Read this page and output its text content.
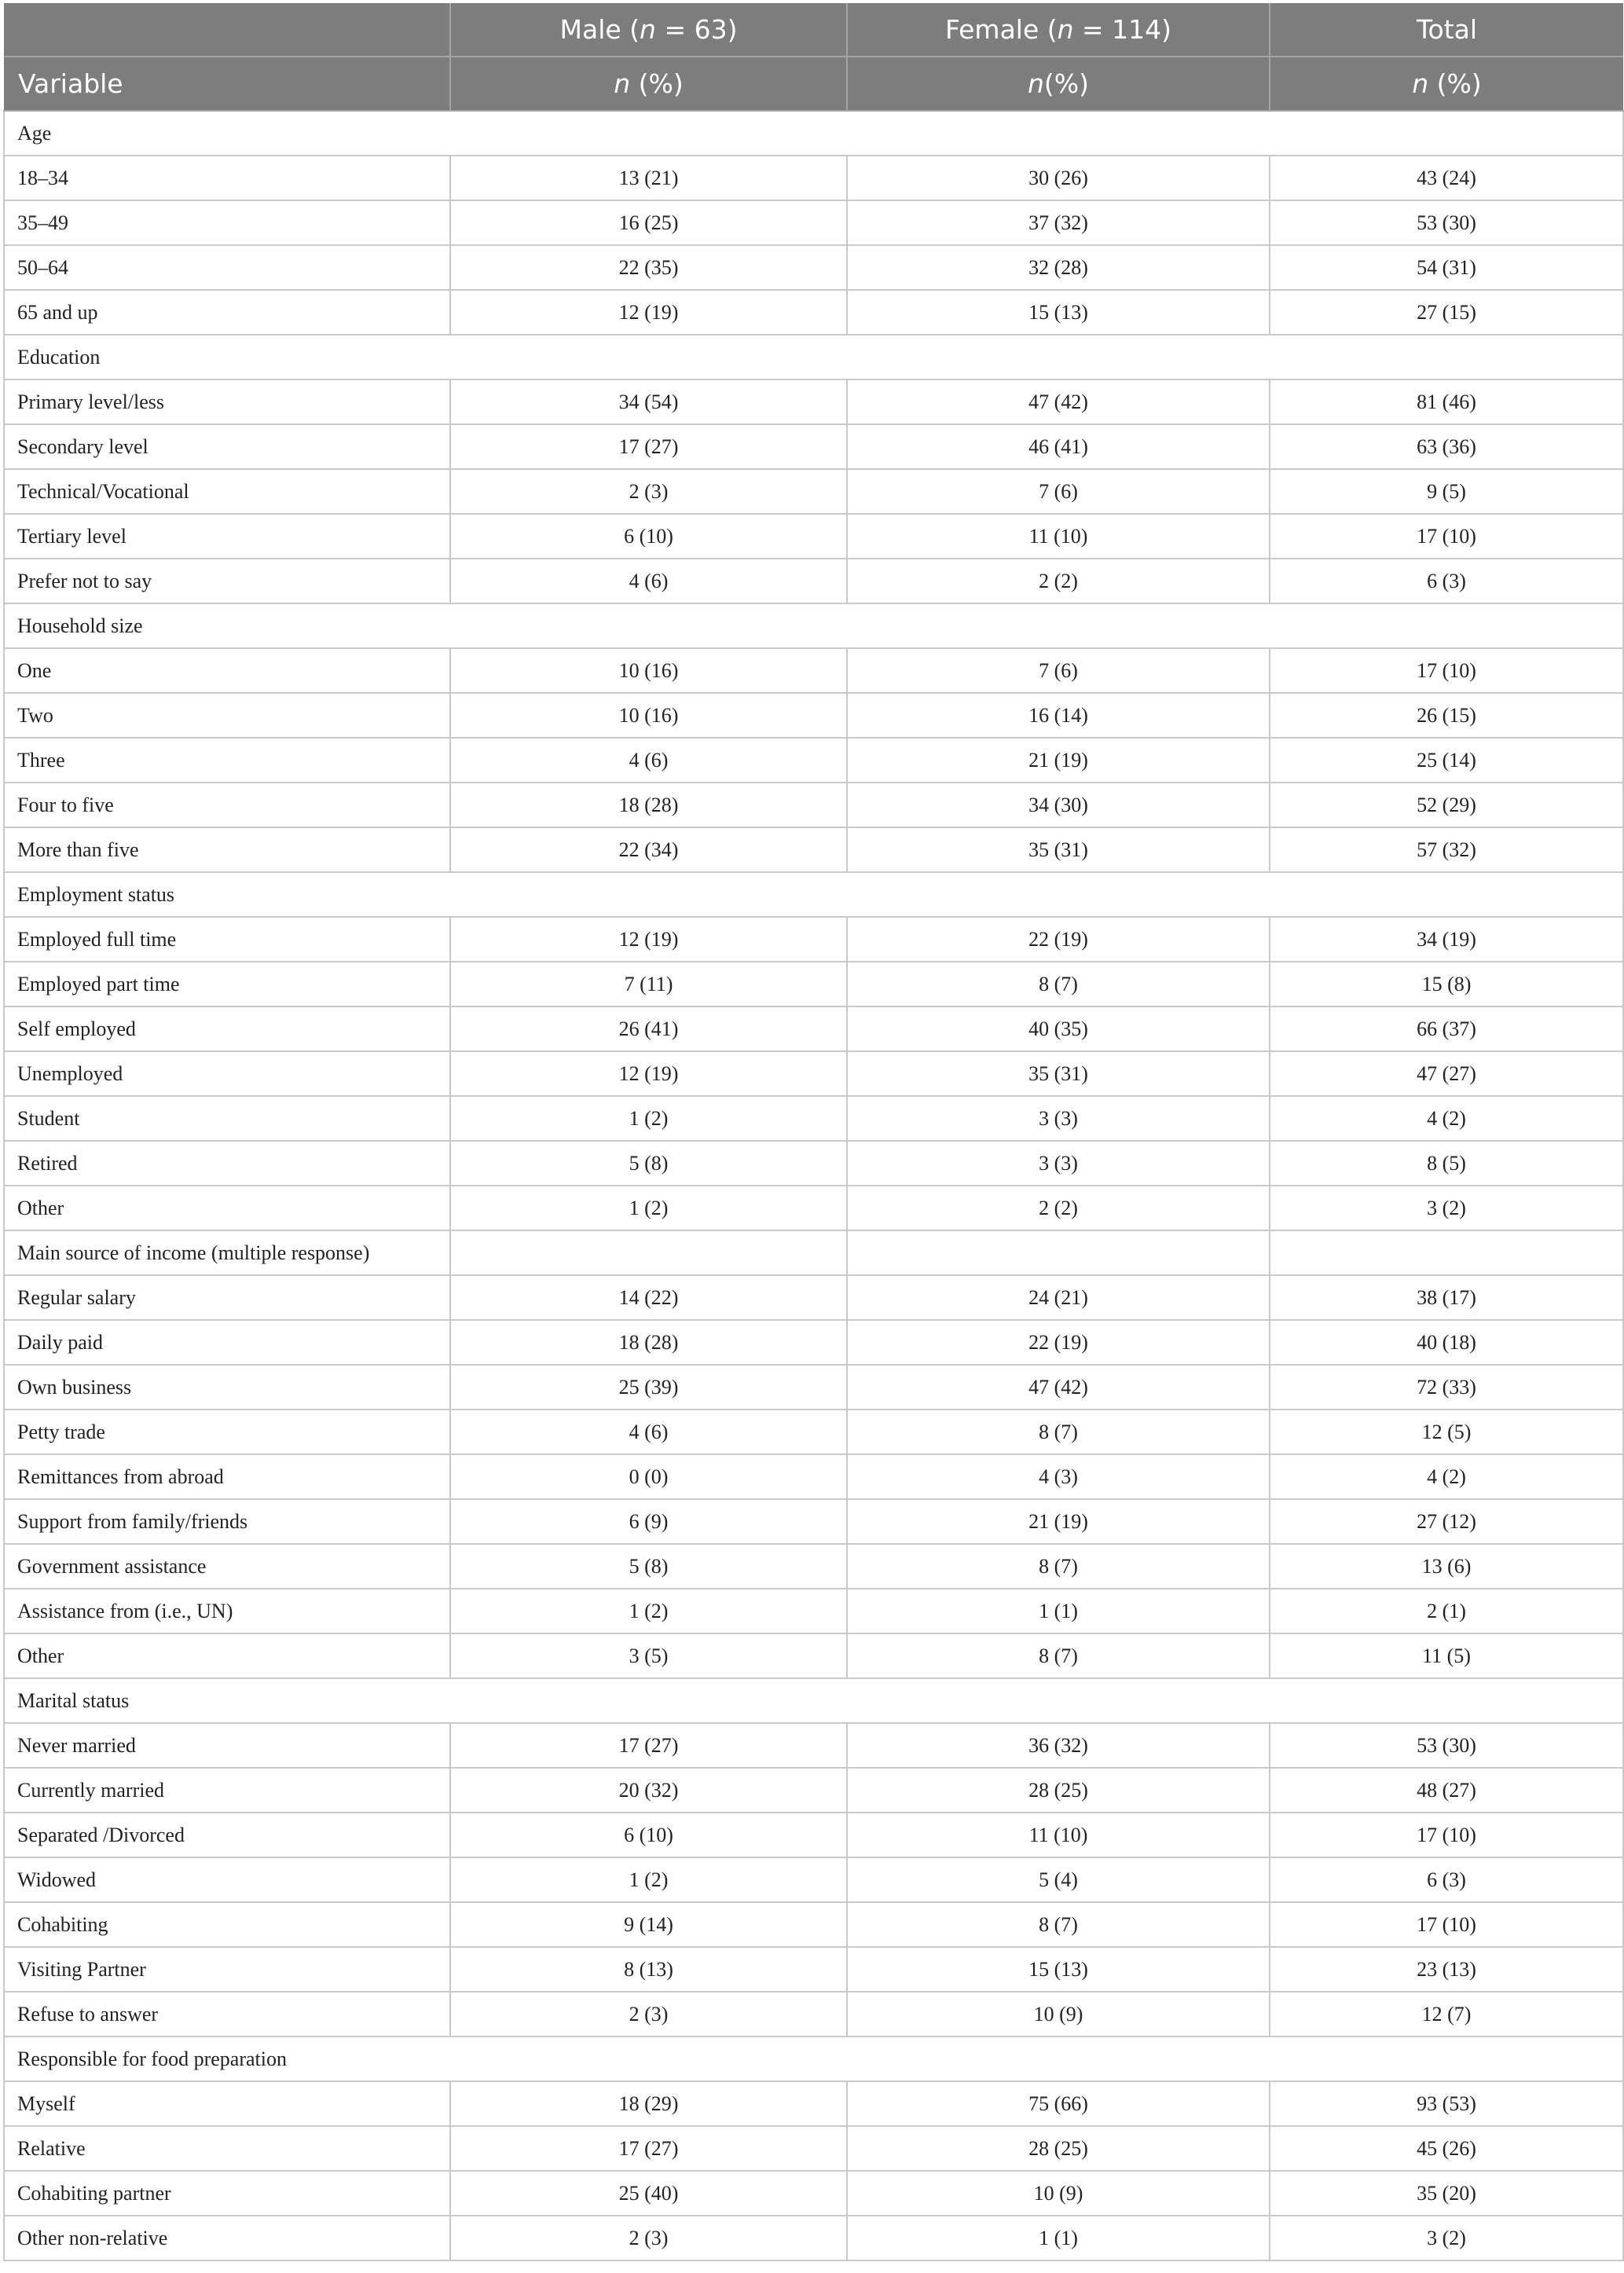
	Male (n = 63)	Female (n = 114)	Total
Variable	n (%)	n(%)	n (%)
Age			
18–34	13 (21)	30 (26)	43 (24)
35–49	16 (25)	37 (32)	53 (30)
50–64	22 (35)	32 (28)	54 (31)
65 and up	12 (19)	15 (13)	27 (15)
Education			
Primary level/less	34 (54)	47 (42)	81 (46)
Secondary level	17 (27)	46 (41)	63 (36)
Technical/Vocational	2 (3)	7 (6)	9 (5)
Tertiary level	6 (10)	11 (10)	17 (10)
Prefer not to say	4 (6)	2 (2)	6 (3)
Household size			
One	10 (16)	7 (6)	17 (10)
Two	10 (16)	16 (14)	26 (15)
Three	4 (6)	21 (19)	25 (14)
Four to five	18 (28)	34 (30)	52 (29)
More than five	22 (34)	35 (31)	57 (32)
Employment status			
Employed full time	12 (19)	22 (19)	34 (19)
Employed part time	7 (11)	8 (7)	15 (8)
Self employed	26 (41)	40 (35)	66 (37)
Unemployed	12 (19)	35 (31)	47 (27)
Student	1 (2)	3 (3)	4 (2)
Retired	5 (8)	3 (3)	8 (5)
Other	1 (2)	2 (2)	3 (2)
Main source of income (multiple response)			
Regular salary	14 (22)	24 (21)	38 (17)
Daily paid	18 (28)	22 (19)	40 (18)
Own business	25 (39)	47 (42)	72 (33)
Petty trade	4 (6)	8 (7)	12 (5)
Remittances from abroad	0 (0)	4 (3)	4 (2)
Support from family/friends	6 (9)	21 (19)	27 (12)
Government assistance	5 (8)	8 (7)	13 (6)
Assistance from (i.e., UN)	1 (2)	1 (1)	2 (1)
Other	3 (5)	8 (7)	11 (5)
Marital status			
Never married	17 (27)	36 (32)	53 (30)
Currently married	20 (32)	28 (25)	48 (27)
Separated /Divorced	6 (10)	11 (10)	17 (10)
Widowed	1 (2)	5 (4)	6 (3)
Cohabiting	9 (14)	8 (7)	17 (10)
Visiting Partner	8 (13)	15 (13)	23 (13)
Refuse to answer	2 (3)	10 (9)	12 (7)
Responsible for food preparation			
Myself	18 (29)	75 (66)	93 (53)
Relative	17 (27)	28 (25)	45 (26)
Cohabiting partner	25 (40)	10 (9)	35 (20)
Other non-relative	2 (3)	1 (1)	3 (2)
